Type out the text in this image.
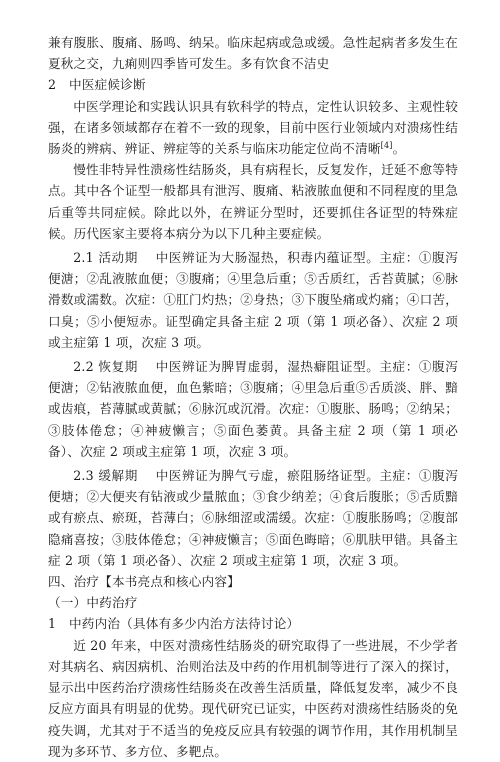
兼有腹胀、腹痛、肠鸣、纳呆。临床起病或急或缓。急性起病者多发生在夏秋之交，九痢则四季皆可发生。多有饮食不洁史

2　中医症候诊断

中医学理论和实践认识具有软科学的特点，定性认识较多、主观性较强，在诸多领域都存在着不一致的现象，目前中医行业领域内对溃疡性结肠炎的辨病、辨证、辨症等的关系与临床功能定位尚不清晰[4]。

慢性非特异性溃疡性结肠炎，具有病程长，反复发作，迁延不愈等特点。其中各个证型一般都具有泄泻、腹痛、粘液脓血便和不同程度的里急后重等共同症候。除此以外，在辨证分型时，还要抓住各证型的特殊症候。历代医家主要将本病分为以下几种主要症候。

2.1 活动期　 中医辨证为大肠湿热，积毒内蕴证型。主症：①腹泻便溏；②乱液脓血便；③腹痛；④里急后重；⑤舌质红，舌苔黄腻；⑥脉滑数或濡数。次症：①肛门灼热；②身热；③下腹坠痛或灼痛；④口苦，口臭；⑤小便短赤。证型确定具备主症 2 项（第 1 项必备）、次症 2 项或主症第 1 项，次症 3 项。

2.2 恢复期　 中医辨证为脾胃虚弱，湿热癖阻证型。主症：①腹泻便溏；②钻液脓血便，血色紫暗；③腹痛；④里急后重⑤舌质淡、胖、黯或齿痕，苔薄腻或黄腻；⑥脉沉或沉滑。次症：①腹胀、肠鸣；②纳呆；③肢体倦怠；④神疲懒言；⑤面色萎黄。具备主症 2 项（第 1 项必备）、次症 2 项或主症第 1 项，次症 3 项。

2.3 缓解期　 中医辨证为脾气亏虚，瘀阻肠络证型。主症：①腹泻便塘；②大便夹有钻液或少量脓血；③食少纳差；④食后腹胀；⑤舌质黯或有瘀点、瘀斑，苔薄白；⑥脉细涩或濡缓。次症：①腹胀肠鸣；②腹部隐痛喜按；③肢体倦怠；④神疲懒言；⑤面色晦暗；⑥肌肤甲错。具备主症 2 项（第 1 项必备）、次症 2 项或主症第 1 项，次症 3 项。

四、治疗【本书亮点和核心内容】

（一）中药治疗

1　中药内治（具体有多少内治方法待讨论）

近 20 年来，中医对溃疡性结肠炎的研究取得了一些进展，不少学者对其病名、病因病机、治则治法及中药的作用机制等进行了深入的探讨，显示出中医药治疗溃疡性结肠炎在改善生活质量，降低复发率，减少不良反应方面具有明显的优势。现代研究已证实，中医药对溃疡性结肠炎的免疫失调，尤其对于不适当的免疫反应具有较强的调节作用，其作用机制呈现为多环节、多方位、多靶点。
